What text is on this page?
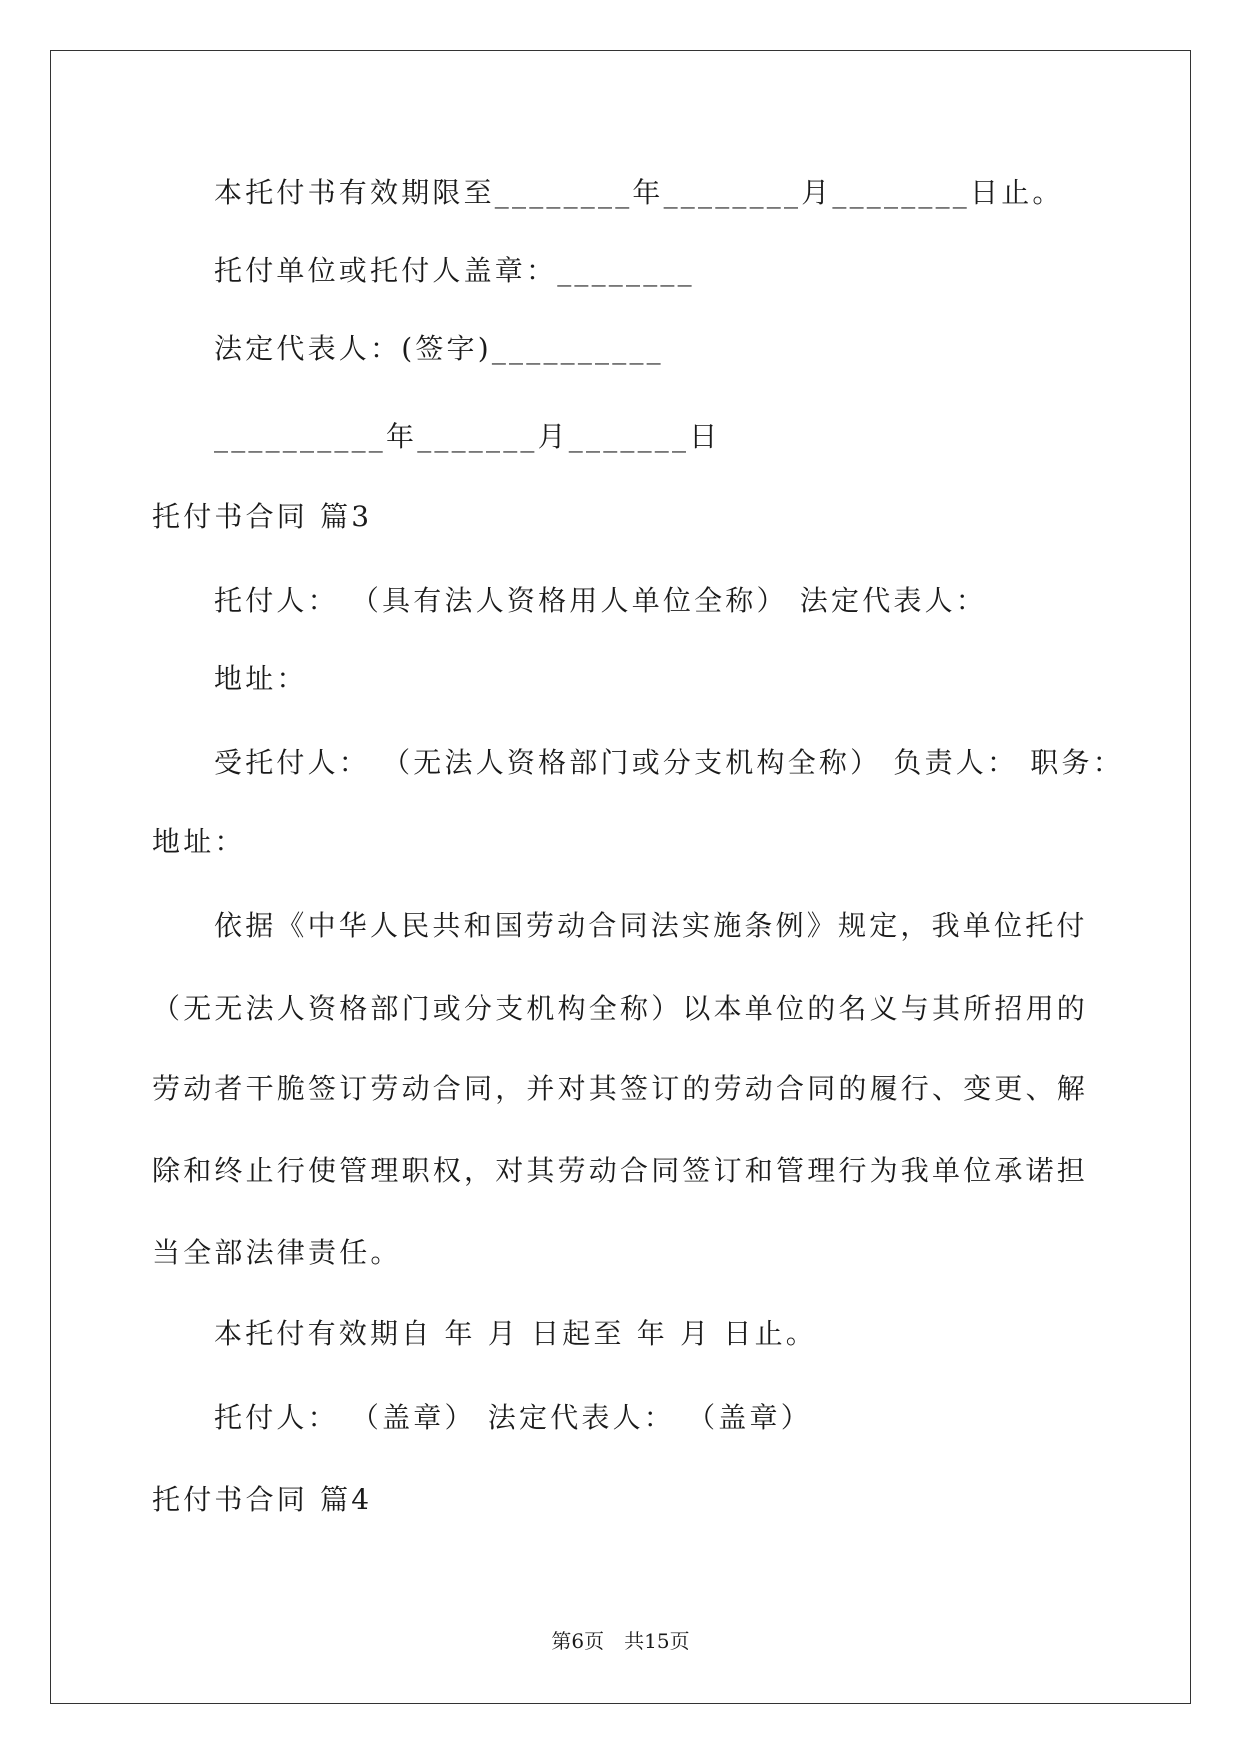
本托付书有效期限至________年________月________日止。
托付单位或托付人盖章：________
法定代表人：(签字)__________
__________年_______月_______日
托付书合同 篇3
托付人： （具有法人资格用人单位全称） 法定代表人：
地址：
受托付人： （无法人资格部门或分支机构全称） 负责人： 职务：
地址：
依据《中华人民共和国劳动合同法实施条例》规定，我单位托付
（无无法人资格部门或分支机构全称）以本单位的名义与其所招用的
劳动者干脆签订劳动合同，并对其签订的劳动合同的履行、变更、解
除和终止行使管理职权，对其劳动合同签订和管理行为我单位承诺担
当全部法律责任。
本托付有效期自 年 月 日起至 年 月 日止。
托付人： （盖章） 法定代表人： （盖章）
托付书合同 篇4
第6页　共15页
